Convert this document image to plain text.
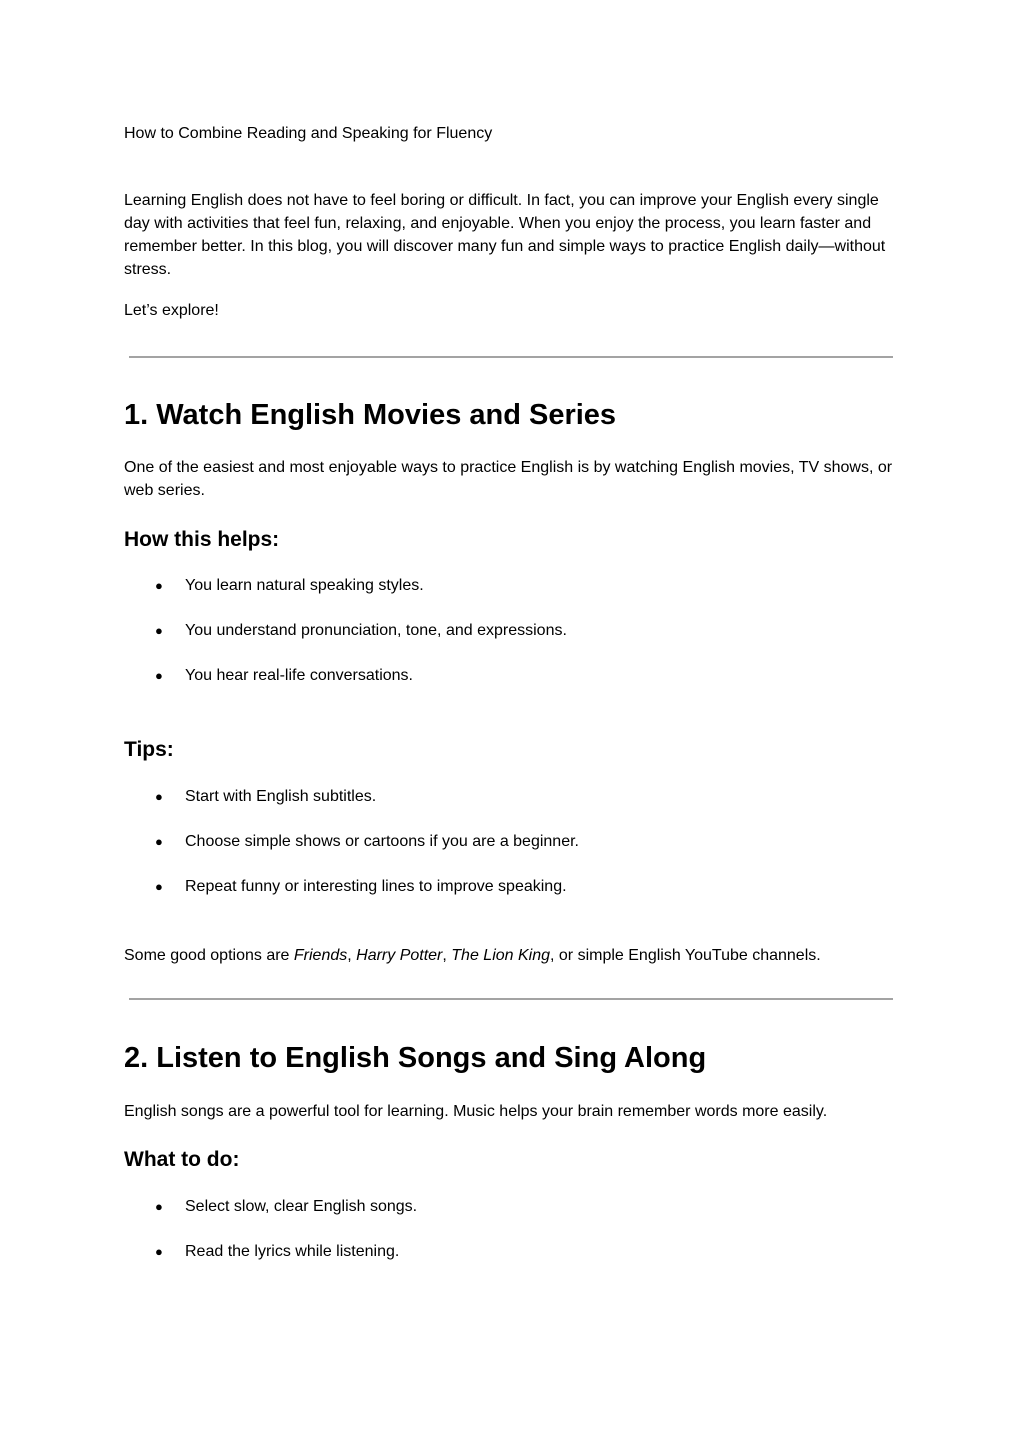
How to Combine Reading and Speaking for Fluency

Learning English does not have to feel boring or difficult. In fact, you can improve your English every single day with activities that feel fun, relaxing, and enjoyable. When you enjoy the process, you learn faster and remember better. In this blog, you will discover many fun and simple ways to practice English daily—without stress.

Let’s explore!

1. Watch English Movies and Series

One of the easiest and most enjoyable ways to practice English is by watching English movies, TV shows, or web series.

How this helps:
● You learn natural speaking styles.
● You understand pronunciation, tone, and expressions.
● You hear real-life conversations.
Tips:
● Start with English subtitles.
● Choose simple shows or cartoons if you are a beginner.
● Repeat funny or interesting lines to improve speaking.

Some good options are Friends, Harry Potter, The Lion King, or simple English YouTube channels.

2. Listen to English Songs and Sing Along

English songs are a powerful tool for learning. Music helps your brain remember words more easily.

What to do:
● Select slow, clear English songs.
● Read the lyrics while listening.
